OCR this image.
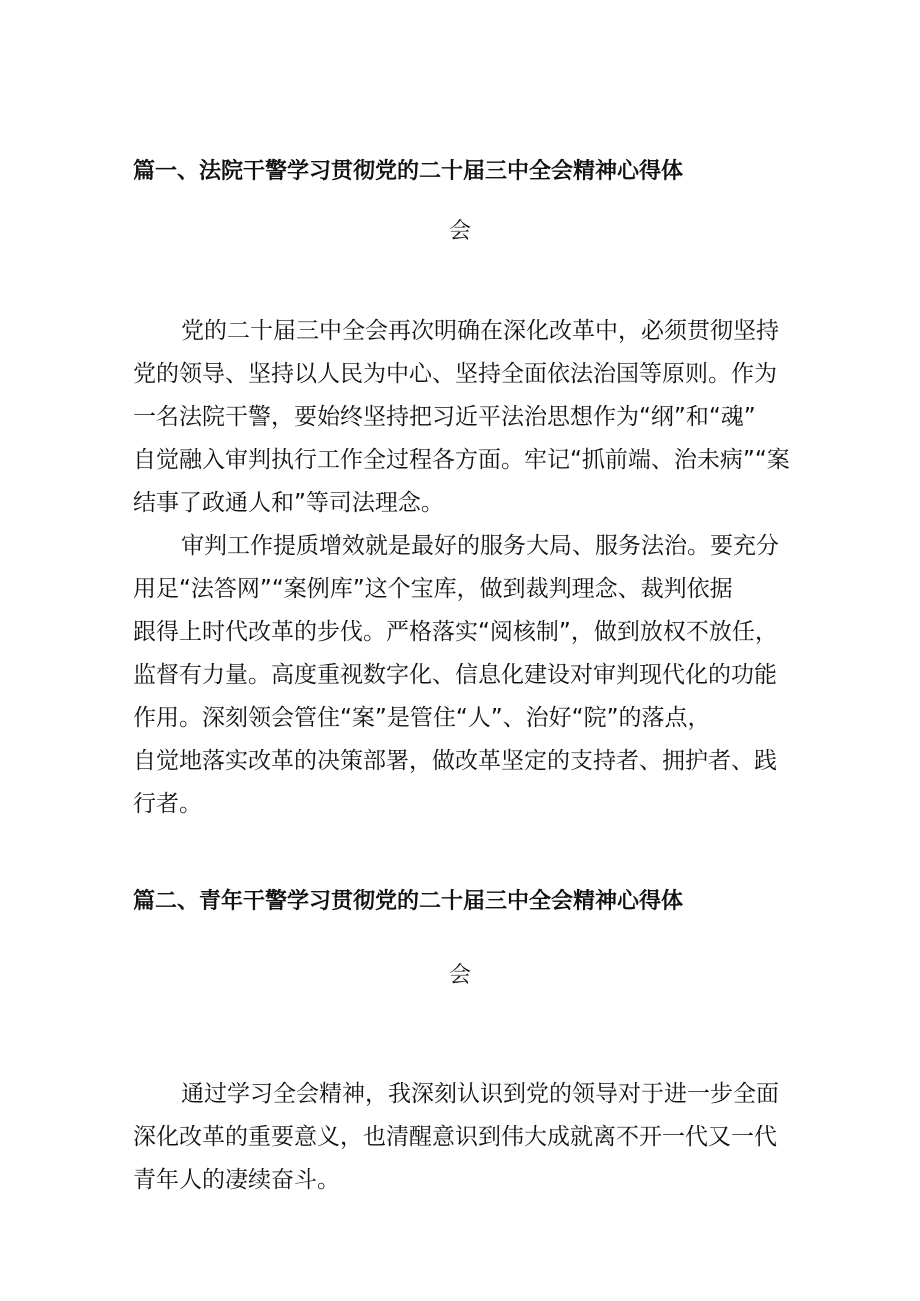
篇一、法院干警学习贯彻党的二十届三中全会精神心得体
会
党的二十届三中全会再次明确在深化改革中，必须贯彻坚持
党的领导、坚持以人民为中心、坚持全面依法治国等原则。作为
一名法院干警，要始终坚持把习近平法治思想作为“纲”和“魂”
自觉融入审判执行工作全过程各方面。牢记“抓前端、治未病”“案
结事了政通人和”等司法理念。
审判工作提质增效就是最好的服务大局、服务法治。要充分
用足“法答网”“案例库”这个宝库，做到裁判理念、裁判依据
跟得上时代改革的步伐。严格落实“阅核制”，做到放权不放任，
监督有力量。高度重视数字化、信息化建设对审判现代化的功能
作用。深刻领会管住“案”是管住“人”、治好“院”的落点，
自觉地落实改革的决策部署，做改革坚定的支持者、拥护者、践
行者。
篇二、青年干警学习贯彻党的二十届三中全会精神心得体
会
通过学习全会精神，我深刻认识到党的领导对于进一步全面
深化改革的重要意义，也清醒意识到伟大成就离不开一代又一代
青年人的凄续奋斗。
